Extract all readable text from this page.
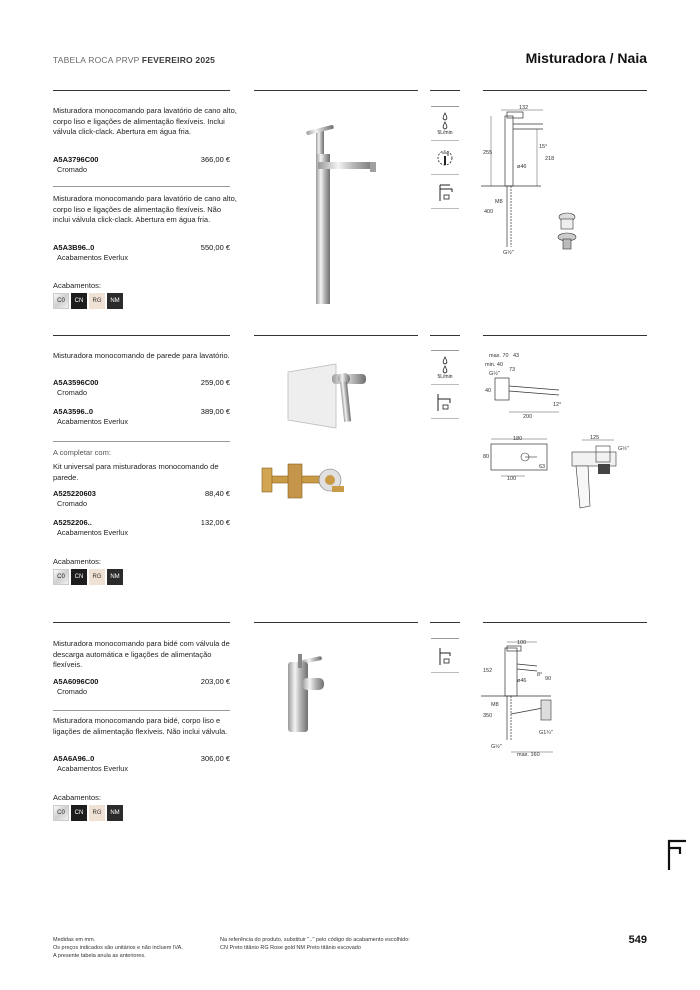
TABELA ROCA PRVP FEVEREIRO 2025	Misturadora / Naia
Misturadora monocomando para lavatório de cano alto, corpo liso e ligações de alimentação flexíveis. Inclui válvula click-clack. Abertura em água fria.
A5A3796C00	366,00 €
Cromado
Misturadora monocomando para lavatório de cano alto, corpo liso e ligações de alimentação flexíveis. Não inclui válvula click-clack. Abertura em água fria.
A5A3B96..0	550,00 €
Acabamentos Everlux
Acabamentos:
C0	CN	RG	NM
5L/min
132
255
15°
218
ø46
M8
400
G½"
Misturadora monocomando de parede para lavatório.
A5A3596C00	259,00 €
Cromado
A5A3596..0	389,00 €
Acabamentos Everlux
A completar com:
Kit universal para misturadoras monocomando de parede.
A525220603	88,40 €
Cromado
A5252206..	132,00 €
Acabamentos Everlux
Acabamentos:
C0	CN	RG	NM
5L/min
max. 70 43
min. 40
73
G½"
40
12°
200
180
80
63
100
125
G½"
Misturadora monocomando para bidé com válvula de descarga automática e ligações de alimentação flexíveis.
A5A6096C00	203,00 €
Cromado
Misturadora monocomando para bidé, corpo liso e ligações de alimentação flexíveis. Não inclui válvula.
A5A6A96..0	306,00 €
Acabamentos Everlux
Acabamentos:
C0	CN	RG	NM
100
152
8°
90
ø46
M8
350
G1¼"
G½"
max. 160
Medidas em mm.
Os preços indicados são unitários e não incluem IVA.
A presente tabela anula as anteriores.
Na referência do produto, substituir ".." pelo código do acabamento escolhido:
CN Preto titânio RG Rose gold NM Preto titânio escovado
549
